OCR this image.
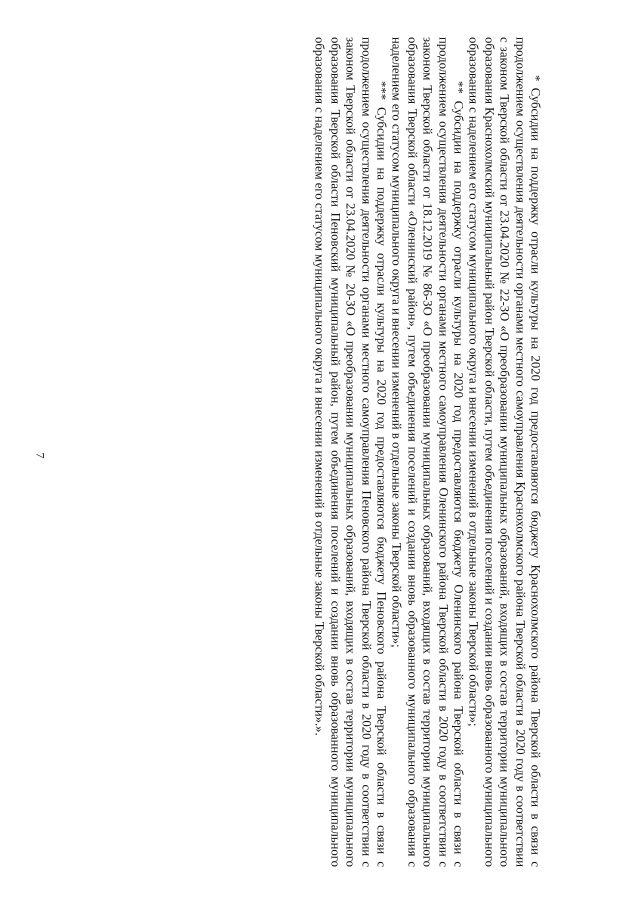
7	* Субсидии на поддержку отрасли культуры на 2020 год предоставляются бюджету Краснохолмского района Тверской области в связи с продолжением осуществления деятельности органами местного самоуправления Краснохолмского района Тверской области в 2020 году в соответствии с законом Тверской области от 23.04.2020 № 22-ЗО «О преобразовании муниципальных образований, входящих в состав территории муниципального образования Краснохолмский муниципальный район Тверской области, путем объединения поселений и создании вновь образованного муниципального образования с наделением его статусом муниципального округа и внесении изменений в отдельные законы Тверской области»;

** Субсидии на поддержку отрасли культуры на 2020 год предоставляются бюджету Оленинского района Тверской области в связи с продолжением осуществления деятельности органами местного самоуправления Оленинского района Тверской области в 2020 году в соответствии с законом Тверской области от 18.12.2019 № 86-ЗО «О преобразовании муниципальных образований, входящих в состав территории муниципального образования Тверской области «Оленинский район», путем объединения поселений и создании вновь образованного муниципального образования с наделением его статусом муниципального округа и внесении изменений в отдельные законы Тверской области»;

*** Субсидии на поддержку отрасли культуры на 2020 год предоставляются бюджету Пеновского района Тверской области в связи с продолжением осуществления деятельности органами местного самоуправления Пеновского района Тверской области в 2020 году в соответствии с законом Тверской области от 23.04.2020 № 20-ЗО «О преобразовании муниципальных образований, входящих в состав территории муниципального образования Тверской области Пеновский муниципальный район, путем объединения поселений и создании вновь образованного муниципального образования с наделением его статусом муниципального округа и внесении изменений в отдельные законы Тверской области».».
